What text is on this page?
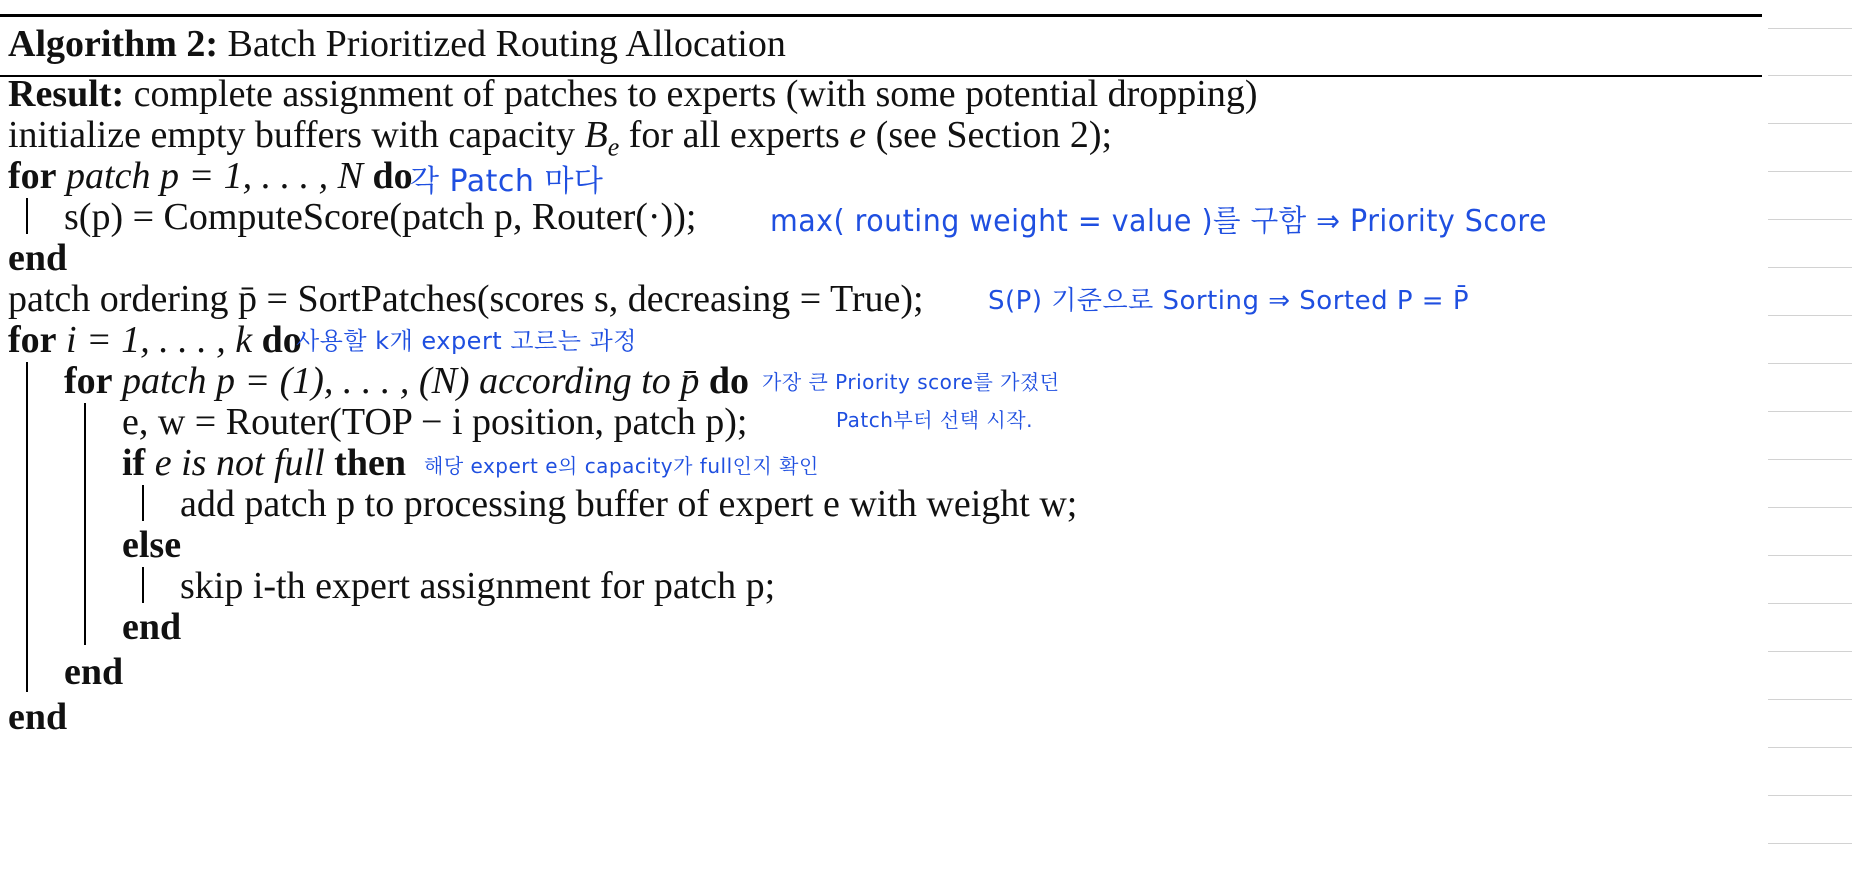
Algorithm 2: Batch Prioritized Routing Allocation
Result: complete assignment of patches to experts (with some potential dropping)
initialize empty buffers with capacity $B_e$ for all experts e (see Section 2);
for patch p = 1, . . . , N do
s(p) = ComputeScore(patch p, Router(·));
end
patch ordering p̄ = SortPatches(scores s, decreasing = True);
for i = 1, . . . , k do
for patch p = (1), . . . , (N) according to p̄ do
e, w = Router(TOP − i position, patch p);
if e is not full then
add patch p to processing buffer of expert e with weight w;
else
skip i-th expert assignment for patch p;
end
end
end
각 Patch 마다
max( routing weight = value )를 구함 ⇒ Priority Score
S(P) 기준으로 Sorting ⇒ Sorted P = P̄
사용할 k개 expert 고르는 과정
가장 큰 Priority score를 가졌던
Patch부터 선택 시작.
해당 expert e의 capacity가 full인지 확인
